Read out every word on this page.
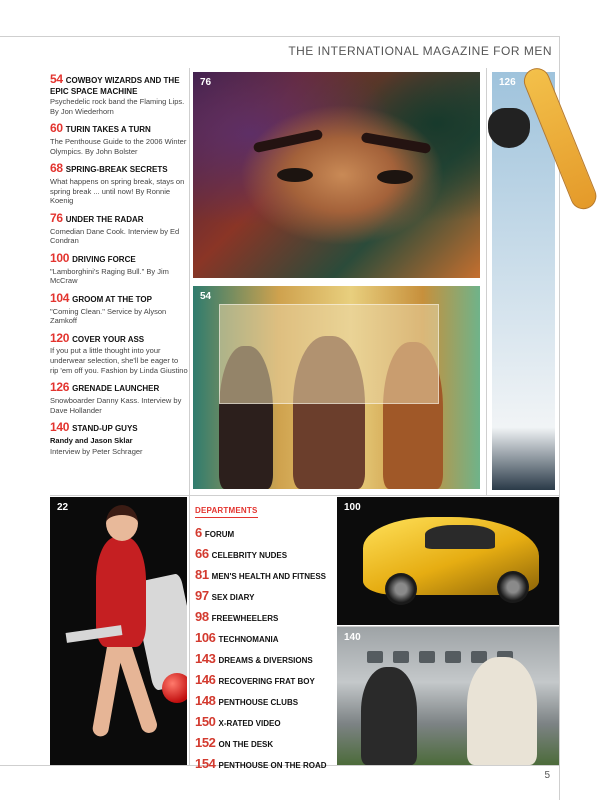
THE INTERNATIONAL MAGAZINE FOR MEN
54 COWBOY WIZARDS AND THE EPIC SPACE MACHINE
Psychedelic rock band the Flaming Lips. By Jon Wiederhorn
60 TURIN TAKES A TURN
The Penthouse Guide to the 2006 Winter Olympics. By John Bolster
68 SPRING-BREAK SECRETS
What happens on spring break, stays on spring break ... until now! By Ronnie Koenig
76 UNDER THE RADAR
Comedian Dane Cook. Interview by Ed Condran
100 DRIVING FORCE
"Lamborghini's Raging Bull." By Jim McCraw
104 GROOM AT THE TOP
"Coming Clean." Service by Alyson Zamkoff
120 COVER YOUR ASS
If you put a little thought into your underwear selection, she'll be eager to rip 'em off you. Fashion by Linda Giustino
126 GRENADE LAUNCHER
Snowboarder Danny Kass. Interview by Dave Hollander
140 STAND-UP GUYS
Randy and Jason Sklar
Interview by Peter Schrager
76
54
126
22	DEPARTMENTS
6 FORUM
66 CELEBRITY NUDES
81 MEN'S HEALTH AND FITNESS
97 SEX DIARY
98 FREEWHEELERS
106 TECHNOMANIA
143 DREAMS & DIVERSIONS
146 RECOVERING FRAT BOY
148 PENTHOUSE CLUBS
150 X-RATED VIDEO
152 ON THE DESK
154 PENTHOUSE ON THE ROAD
100
140
5
